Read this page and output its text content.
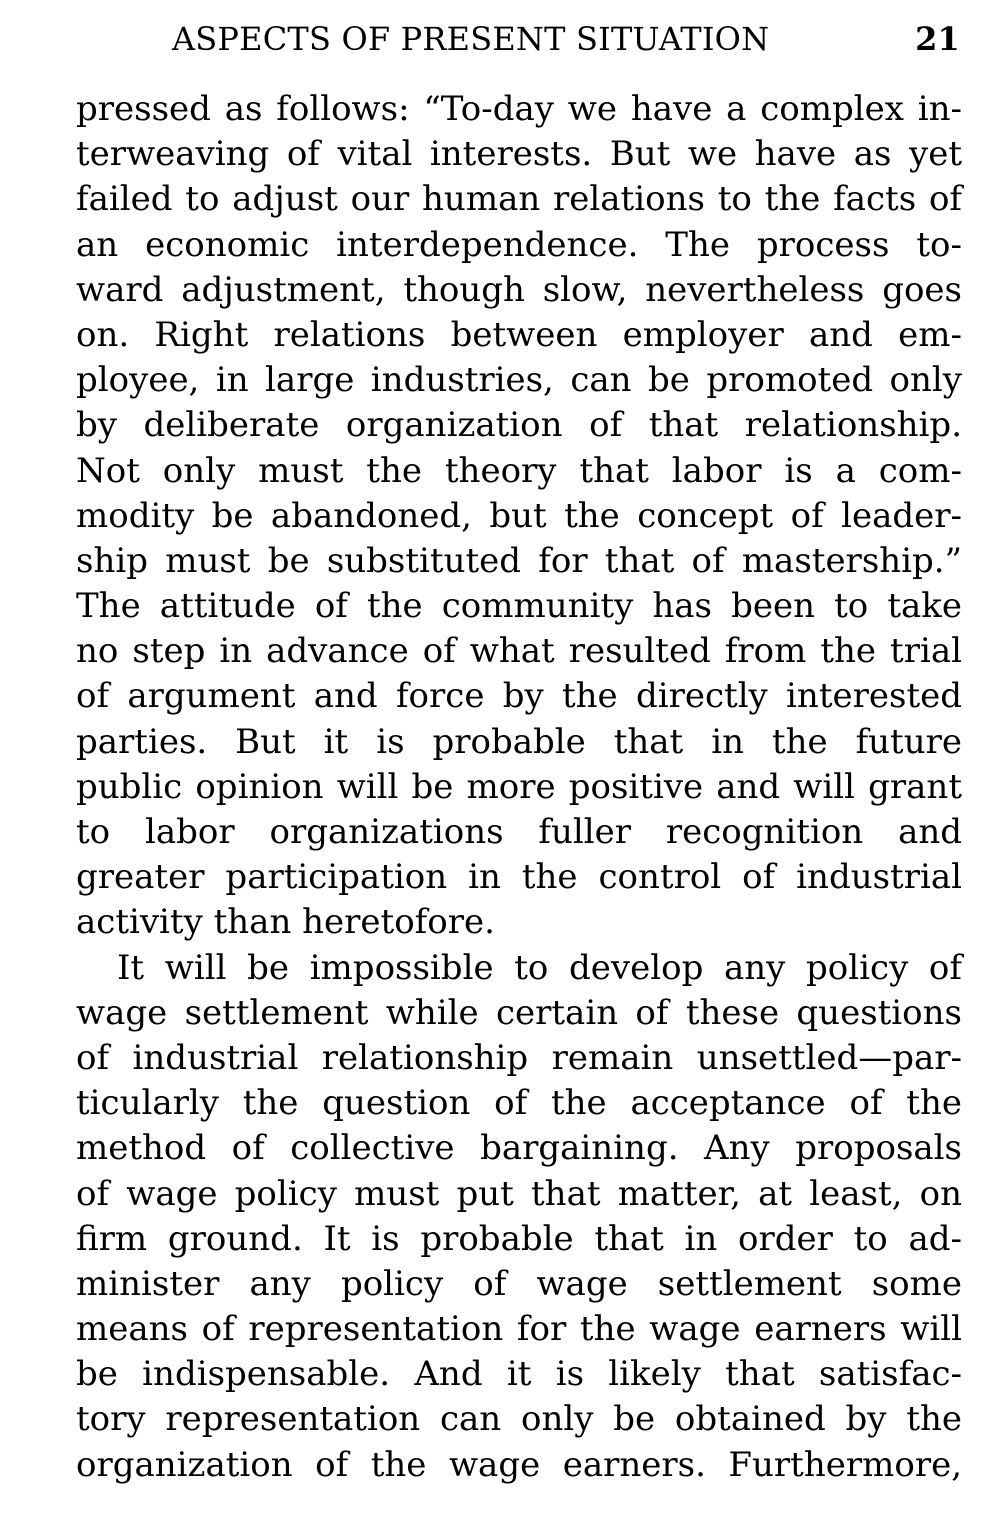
ASPECTS OF PRESENT SITUATION	21
pressed as follows: “To-day we have a complex in-
terweaving of vital interests. But we have as yet
failed to adjust our human relations to the facts of
an economic interdependence. The process to-
ward adjustment, though slow, nevertheless goes
on. Right relations between employer and em-
ployee, in large industries, can be promoted only
by deliberate organization of that relationship.
Not only must the theory that labor is a com-
modity be abandoned, but the concept of leader-
ship must be substituted for that of mastership.”
The attitude of the community has been to take
no step in advance of what resulted from the trial
of argument and force by the directly interested
parties. But it is probable that in the future
public opinion will be more positive and will grant
to labor organizations fuller recognition and
greater participation in the control of industrial
activity than heretofore.
It will be impossible to develop any policy of
wage settlement while certain of these questions
of industrial relationship remain unsettled—par-
ticularly the question of the acceptance of the
method of collective bargaining. Any proposals
of wage policy must put that matter, at least, on
firm ground. It is probable that in order to ad-
minister any policy of wage settlement some
means of representation for the wage earners will
be indispensable. And it is likely that satisfac-
tory representation can only be obtained by the
organization of the wage earners. Furthermore,
